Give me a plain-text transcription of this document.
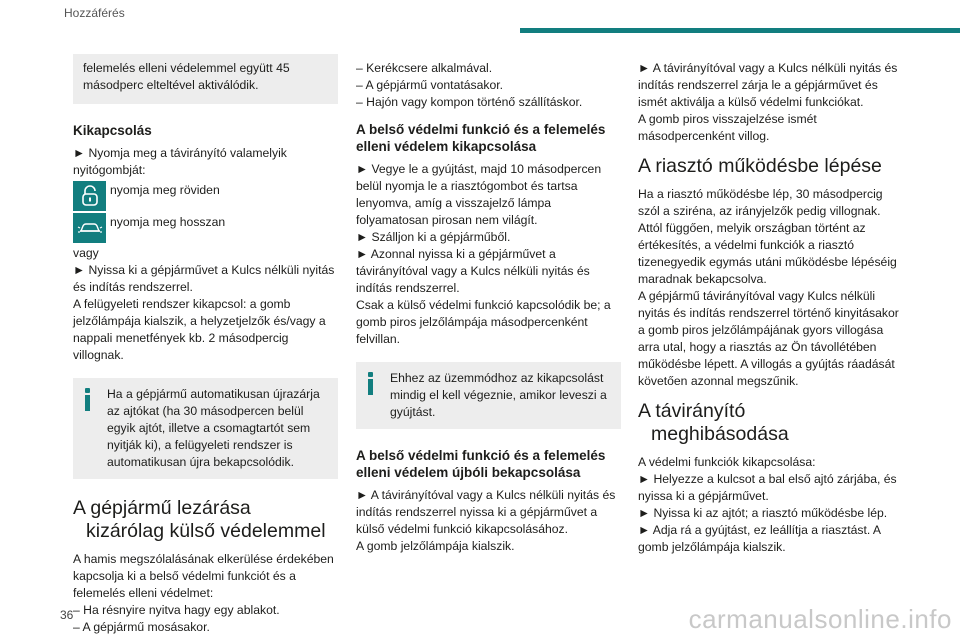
Hozzáférés

felemelés elleni védelemmel együtt 45 másodperc elteltével aktiválódik.

Kikapcsolás

► Nyomja meg a távirányító valamelyik nyitógombját:

nyomja meg röviden
nyomja meg hosszan

vagy

► Nyissa ki a gépjárművet a Kulcs nélküli nyitás és indítás rendszerrel.

A felügyeleti rendszer kikapcsol: a gomb jelzőlámpája kialszik, a helyzetjelzők és/vagy a nappali menetfények kb. 2 másodpercig villognak.

Ha a gépjármű automatikusan újrazárja az ajtókat (ha 30 másodpercen belül egyik ajtót, illetve a csomagtartót sem nyitják ki), a felügyeleti rendszer is automatikusan újra bekapcsolódik.

A gépjármű lezárása
kizárólag külső védelemmel

A hamis megszólalásának elkerülése érdekében kapcsolja ki a belső védelmi funkciót és a felemelés elleni védelmet:

– Ha résnyire nyitva hagy egy ablakot.

– A gépjármű mosásakor.

– Kerékcsere alkalmával.

– A gépjármű vontatásakor.

– Hajón vagy kompon történő szállításkor.

A belső védelmi funkció és a felemelés elleni védelem kikapcsolása

► Vegye le a gyújtást, majd 10 másodpercen belül nyomja le a riasztógombot és tartsa lenyomva, amíg a visszajelző lámpa folyamatosan pirosan nem világít.

► Szálljon ki a gépjárműből.

► Azonnal nyissa ki a gépjárművet a távirányítóval vagy a Kulcs nélküli nyitás és indítás rendszerrel.

Csak a külső védelmi funkció kapcsolódik be; a gomb piros jelzőlámpája másodpercenként felvillan.

Ehhez az üzemmódhoz az kikapcsolást mindig el kell végeznie, amikor leveszi a gyújtást.

A belső védelmi funkció és a felemelés elleni védelem újbóli bekapcsolása

► A távirányítóval vagy a Kulcs nélküli nyitás és indítás rendszerrel nyissa ki a gépjárművet a külső védelmi funkció kikapcsolásához.

A gomb jelzőlámpája kialszik.

► A távirányítóval vagy a Kulcs nélküli nyitás és indítás rendszerrel zárja le a gépjárművet és ismét aktiválja a külső védelmi funkciókat.

A gomb piros visszajelzése ismét másodpercenként villog.

A riasztó működésbe lépése

Ha a riasztó működésbe lép, 30 másodpercig szól a sziréna, az irányjelzők pedig villognak. Attól függően, melyik országban történt az értékesítés, a védelmi funkciók a riasztó tizenegyedik egymás utáni működésbe lépéséig maradnak bekapcsolva.

A gépjármű távirányítóval vagy Kulcs nélküli nyitás és indítás rendszerrel történő kinyitásakor a gomb piros jelzőlámpájának gyors villogása arra utal, hogy a riasztás az Ön távollétében működésbe lépett. A villogás a gyújtás ráadását követően azonnal megszűnik.

A távirányító
meghibásodása

A védelmi funkciók kikapcsolása:

► Helyezze a kulcsot a bal első ajtó zárjába, és nyissa ki a gépjárművet.

► Nyissa ki az ajtót; a riasztó működésbe lép.

► Adja rá a gyújtást, ez leállítja a riasztást. A gomb jelzőlámpája kialszik.

36	carmanualsonline.info
